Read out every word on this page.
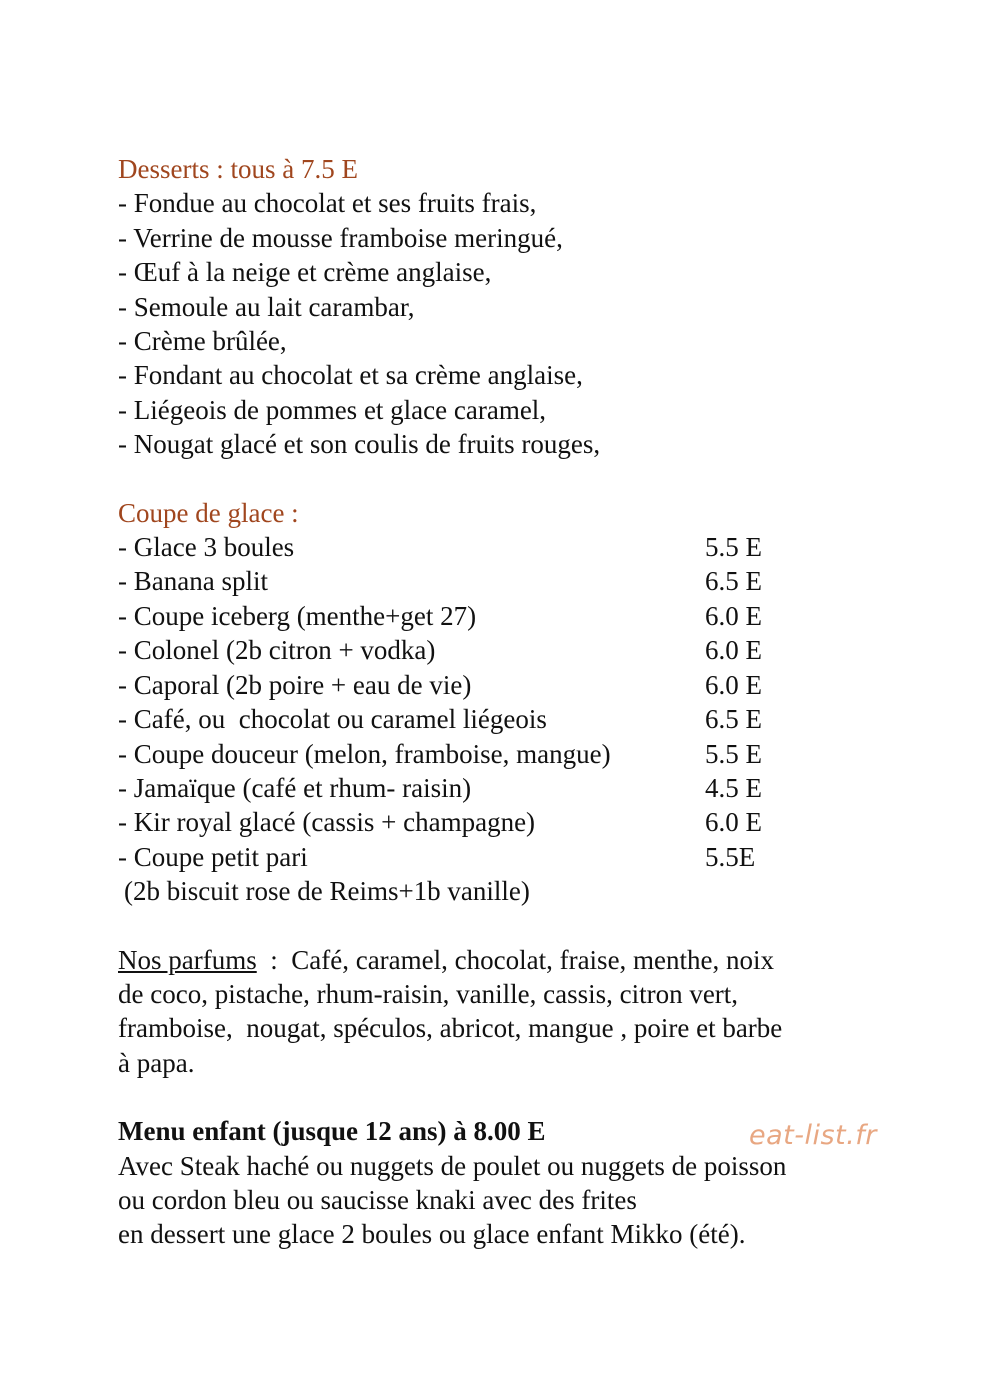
Desserts : tous à 7.5 E
- Fondue au chocolat et ses fruits frais,
- Verrine de mousse framboise meringué,
- Œuf à la neige et crème anglaise,
- Semoule au lait carambar,
- Crème brûlée,
- Fondant au chocolat et sa crème anglaise,
- Liégeois de pommes et glace caramel,
- Nougat glacé et son coulis de fruits rouges,
Coupe de glace :
- Glace 3 boules	5.5 E
- Banana split	6.5 E
- Coupe iceberg (menthe+get 27)	6.0 E
- Colonel (2b citron + vodka)	6.0 E
- Caporal (2b poire + eau de vie)	6.0 E
- Café, ou  chocolat ou caramel liégeois	6.5 E
- Coupe douceur (melon, framboise, mangue)	5.5 E
- Jamaïque (café et rhum- raisin)	4.5 E
- Kir royal glacé (cassis + champagne)	6.0 E
- Coupe petit pari	5.5E
(2b biscuit rose de Reims+1b vanille)
Nos parfums  :  Café, caramel, chocolat, fraise, menthe, noix
de coco, pistache, rhum-raisin, vanille, cassis, citron vert,
framboise,  nougat, spéculos, abricot, mangue , poire et barbe
à papa.
Menu enfant (jusque 12 ans) à 8.00 E
Avec Steak haché ou nuggets de poulet ou nuggets de poisson
ou cordon bleu ou saucisse knaki avec des frites
en dessert une glace 2 boules ou glace enfant Mikko (été).
eat-list.fr
